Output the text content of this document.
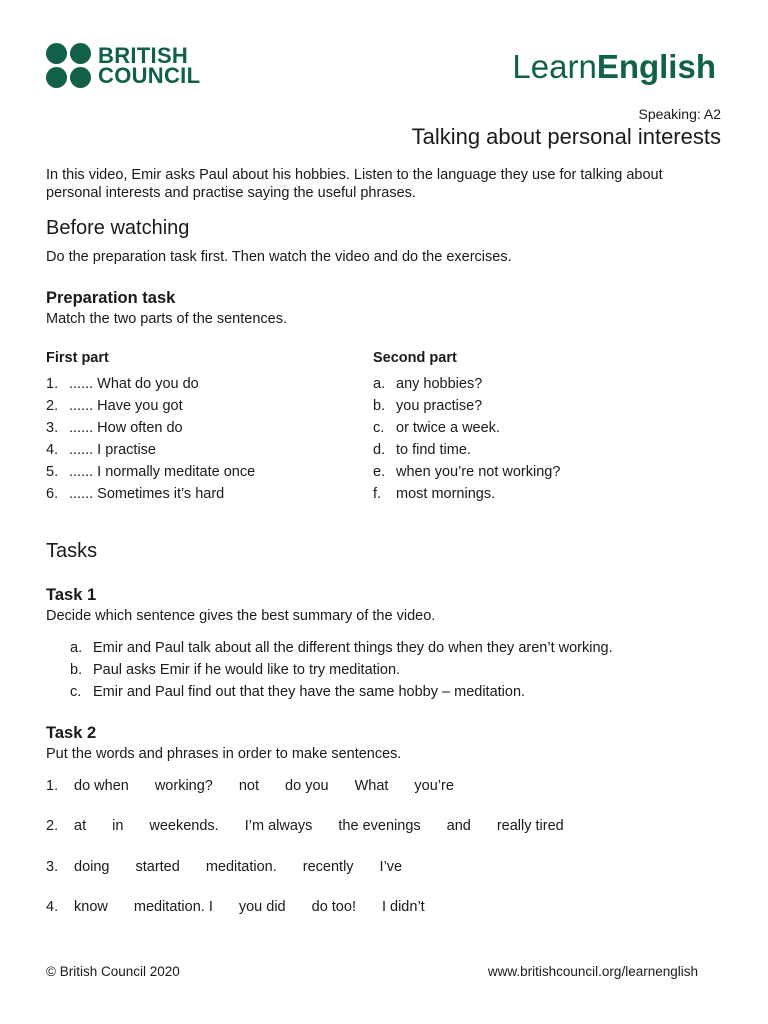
BRITISH
COUNCIL	LearnEnglish
Speaking: A2
Talking about personal interests
In this video, Emir asks Paul about his hobbies. Listen to the language they use for talking about personal interests and practise saying the useful phrases.
Before watching
Do the preparation task first. Then watch the video and do the exercises.
Preparation task
Match the two parts of the sentences.
First part	Second part
1. ...... What do you do
2. ...... Have you got
3. ...... How often do
4. ...... I practise
5. ...... I normally meditate once
6. ...... Sometimes it’s hard
a. any hobbies?
b. you practise?
c. or twice a week.
d. to find time.
e. when you’re not working?
f. most mornings.
Tasks
Task 1
Decide which sentence gives the best summary of the video.
a. Emir and Paul talk about all the different things they do when they aren’t working.
b. Paul asks Emir if he would like to try meditation.
c. Emir and Paul find out that they have the same hobby – meditation.
Task 2
Put the words and phrases in order to make sentences.
1. do when working? not do you What you’re
2. at in weekends. I’m always the evenings and really tired
3. doing started meditation. recently I’ve
4. know meditation. I you did do too! I didn’t
© British Council 2020	www.britishcouncil.org/learnenglish
